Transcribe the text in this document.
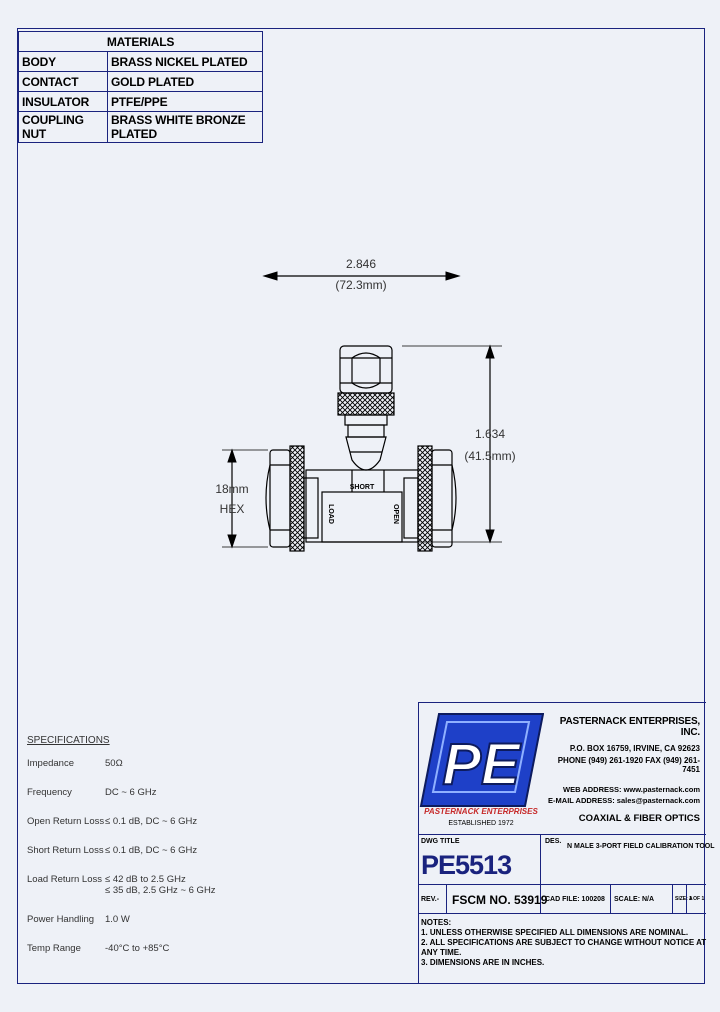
MATERIALS	
BODY	BRASS NICKEL PLATED
CONTACT	GOLD PLATED
INSULATOR	PTFE/PPE
COUPLING NUT	BRASS WHITE BRONZE PLATED
2.846
(72.3mm)
1.634
(41.5mm)
SHORT
LOAD	OPEN
18mm
HEX
SPECIFICATIONS
Impedance	50Ω
Frequency	DC ~ 6 GHz
Open Return Loss ≤ 0.1 dB, DC ~ 6 GHz
Short Return Loss ≤ 0.1 dB, DC ~ 6 GHz
Load Return Loss ≤ 42 dB to 2.5 GHz
≤ 35 dB, 2.5 GHz ~ 6 GHz
Power Handling	1.0 W
Temp Range	-40°C to +85°C
PE
PASTERNACK ENTERPRISES
ESTABLISHED 1972
PASTERNACK ENTERPRISES, INC.
P.O. BOX 16759, IRVINE, CA 92623
PHONE (949) 261-1920 FAX (949) 261-7451
WEB ADDRESS: www.pasternack.com
E-MAIL ADDRESS: sales@pasternack.com
COAXIAL & FIBER OPTICS
DWG TITLE
PE5513
DES.
N MALE 3-PORT FIELD CALIBRATION TOOL
REV.- FSCM NO. 53919
CAD FILE: 100208 SCALE: N/A	SIZE: A
1 OF 1
NOTES:
1. UNLESS OTHERWISE SPECIFIED ALL DIMENSIONS ARE NOMINAL.
2. ALL SPECIFICATIONS ARE SUBJECT TO CHANGE WITHOUT NOTICE AT ANY TIME.
3. DIMENSIONS ARE IN INCHES.
